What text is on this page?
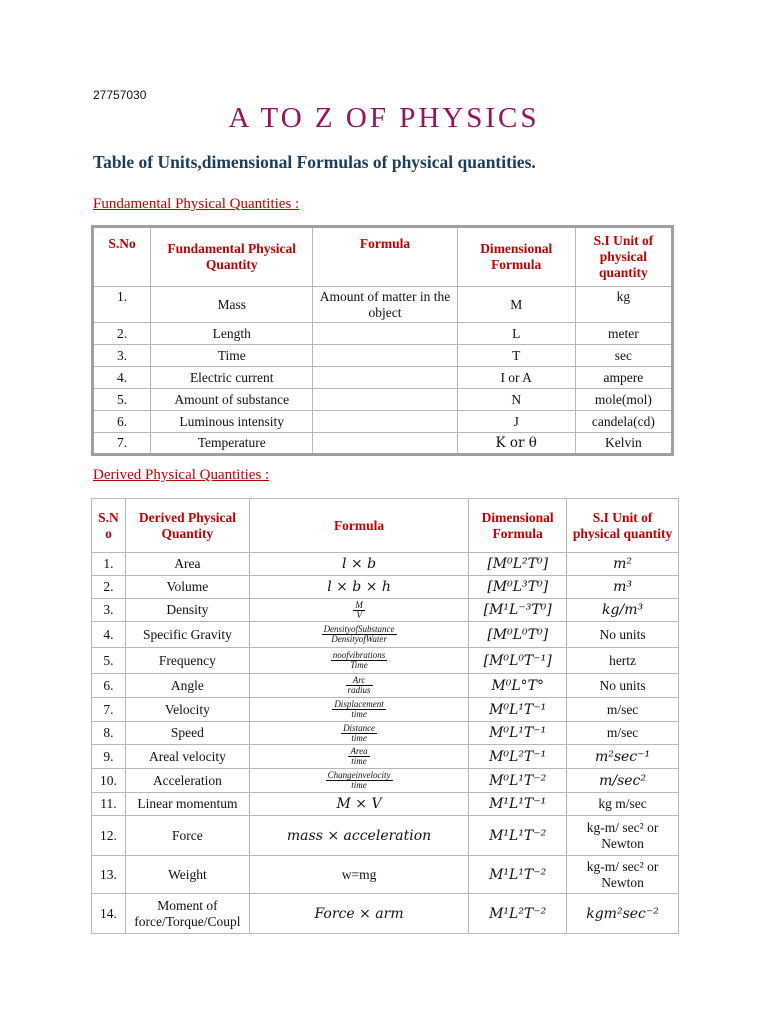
27757030
A TO Z OF PHYSICS
Table of Units,dimensional Formulas of physical quantities.
Fundamental Physical Quantities :
S.No	Fundamental Physical Quantity	Formula	Dimensional Formula	S.I Unit of physical quantity
1.	Mass	Amount of matter in the object	M	kg
2.	Length		L	meter
3.	Time		T	sec
4.	Electric current		I or A	ampere
5.	Amount of substance		N	mole(mol)
6.	Luminous intensity		J	candela(cd)
7.	Temperature		K or θ	Kelvin
Derived Physical Quantities :
S.N o	Derived Physical Quantity	Formula	Dimensional Formula	S.I Unit of physical quantity
1.	Area	l × b	[M⁰L²T⁰]	m²
2.	Volume	l × b × h	[M⁰L³T⁰]	m³
3.	Density	$\frac{M}{V}$	[M¹L⁻³T⁰]	kg/m³
4.	Specific Gravity	$\frac{\text{DensityofSubstance}}{\text{DensityofWater}}$	[M⁰L⁰T⁰]	No units
5.	Frequency	$\frac{\text{noofvibrations}}{\text{Time}}$	[M⁰L⁰T⁻¹]	hertz
6.	Angle	$\frac{\text{Arc}}{\text{radius}}$	M⁰L°T°	No units
7.	Velocity	$\frac{\text{Displacement}}{\text{time}}$	M⁰L¹T⁻¹	m/sec
8.	Speed	$\frac{\text{Distance}}{\text{time}}$	M⁰L¹T⁻¹	m/sec
9.	Areal velocity	$\frac{\text{Area}}{\text{time}}$	M⁰L²T⁻¹	m²sec⁻¹
10.	Acceleration	$\frac{\text{Changeinvelocity}}{\text{time}}$	M⁰L¹T⁻²	m/sec²
11.	Linear momentum	M × V	M¹L¹T⁻¹	kg m/sec
12.	Force	mass × acceleration	M¹L¹T⁻²	kg-m/ sec² or Newton
13.	Weight	w=mg	M¹L¹T⁻²	kg-m/ sec² or Newton
14.	Moment of force/Torque/Coupl	Force × arm	M¹L²T⁻²	kgm²sec⁻²
